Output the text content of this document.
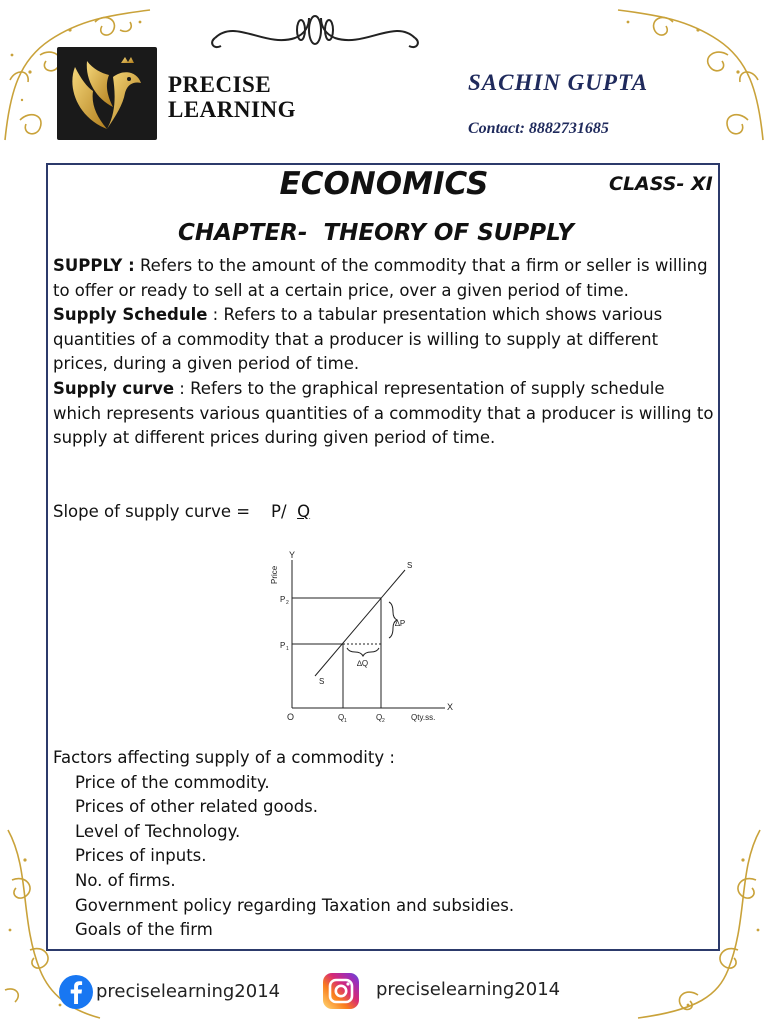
PRECISE
LEARNING
SACHIN GUPTA
Contact: 8882731685
ECONOMICS	CLASS- XI
CHAPTER-  THEORY OF SUPPLY

SUPPLY : Refers to the amount of the commodity that a firm or seller is willing to offer or ready to sell at a certain price, over a given period of time.

Supply Schedule : Refers to a tabular presentation which shows various quantities of a commodity that a producer is willing to supply at different prices, during a given period of time.

Supply curve : Refers to the graphical representation of supply schedule which represents various quantities of a commodity that a producer is willing to supply at different prices during given period of time.

Slope of supply curve =    P/ Q
Y
X
Price
Qty.ss.
O
P 2
P 1
Q 1	Q 2
S
S
∆P
∆Q
Factors affecting supply of a commodity :
Price of the commodity.
Prices of other related goods.
Level of Technology.
Prices of inputs.
No. of firms.
Government policy regarding Taxation and subsidies.
Goals of the firm
preciselearning2014	preciselearning2014
